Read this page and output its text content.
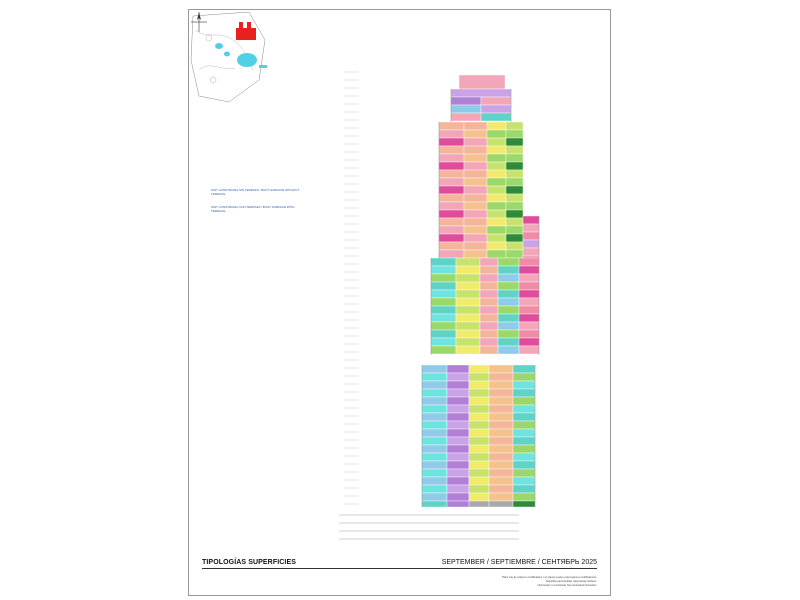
SUP. CONSTRUIDA SIN TERRAZA / BUILT SURFACE WITHOUT TERRACE
SUP. CONSTRUIDA CON TERRAZA / BUILT SURFACE WITH TERRACE
TIPOLOGÍAS SUPERFICIES	SEPTEMBER / SEPTIEMBRE / СЕНТЯБРЬ 2025
Plans may be subject to modifications. Los planos pueden estar sujetos a modificaciones.
Superficies aproximadas. Approximate surfaces.
Información no contractual. Non-contractual information.
